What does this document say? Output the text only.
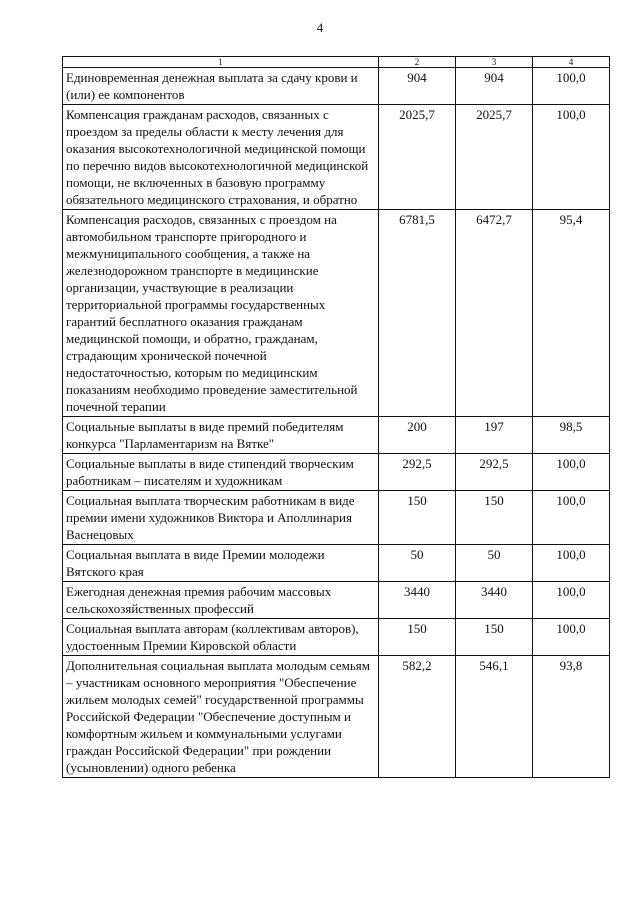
4
1	2	3	4
Единовременная денежная выплата за сдачу крови и (или) ее компонентов	904	904	100,0
Компенсация гражданам расходов, связанных с проездом за пределы области к месту лечения для оказания высокотехнологичной медицинской помощи по перечню видов высокотехнологичной медицинской помощи, не включенных в базовую программу обязательного медицинского страхования, и обратно	2025,7	2025,7	100,0
Компенсация расходов, связанных с проездом на автомобильном транспорте пригородного и межмуниципального сообщения, а также на железнодорожном транспорте в медицинские организации, участвующие в реализации территориальной программы государственных гарантий бесплатного оказания гражданам медицинской помощи, и обратно, гражданам, страдающим хронической почечной недостаточностью, которым по медицинским показаниям необходимо проведение заместительной почечной терапии	6781,5	6472,7	95,4
Социальные выплаты в виде премий победителям конкурса "Парламентаризм на Вятке"	200	197	98,5
Социальные выплаты в виде стипендий творческим работникам – писателям и художникам	292,5	292,5	100,0
Социальная выплата творческим работникам в виде премии имени художников Виктора и Аполлинария Васнецовых	150	150	100,0
Социальная выплата в виде Премии молодежи Вятского края	50	50	100,0
Ежегодная денежная премия рабочим массовых сельскохозяйственных профессий	3440	3440	100,0
Социальная выплата авторам (коллективам авторов), удостоенным Премии Кировской области	150	150	100,0
Дополнительная социальная выплата молодым семьям – участникам основного мероприятия "Обеспечение жильем молодых семей" государственной программы Российской Федерации "Обеспечение доступным и комфортным жильем и коммунальными услугами граждан Российской Федерации" при рождении (усыновлении) одного ребенка	582,2	546,1	93,8
